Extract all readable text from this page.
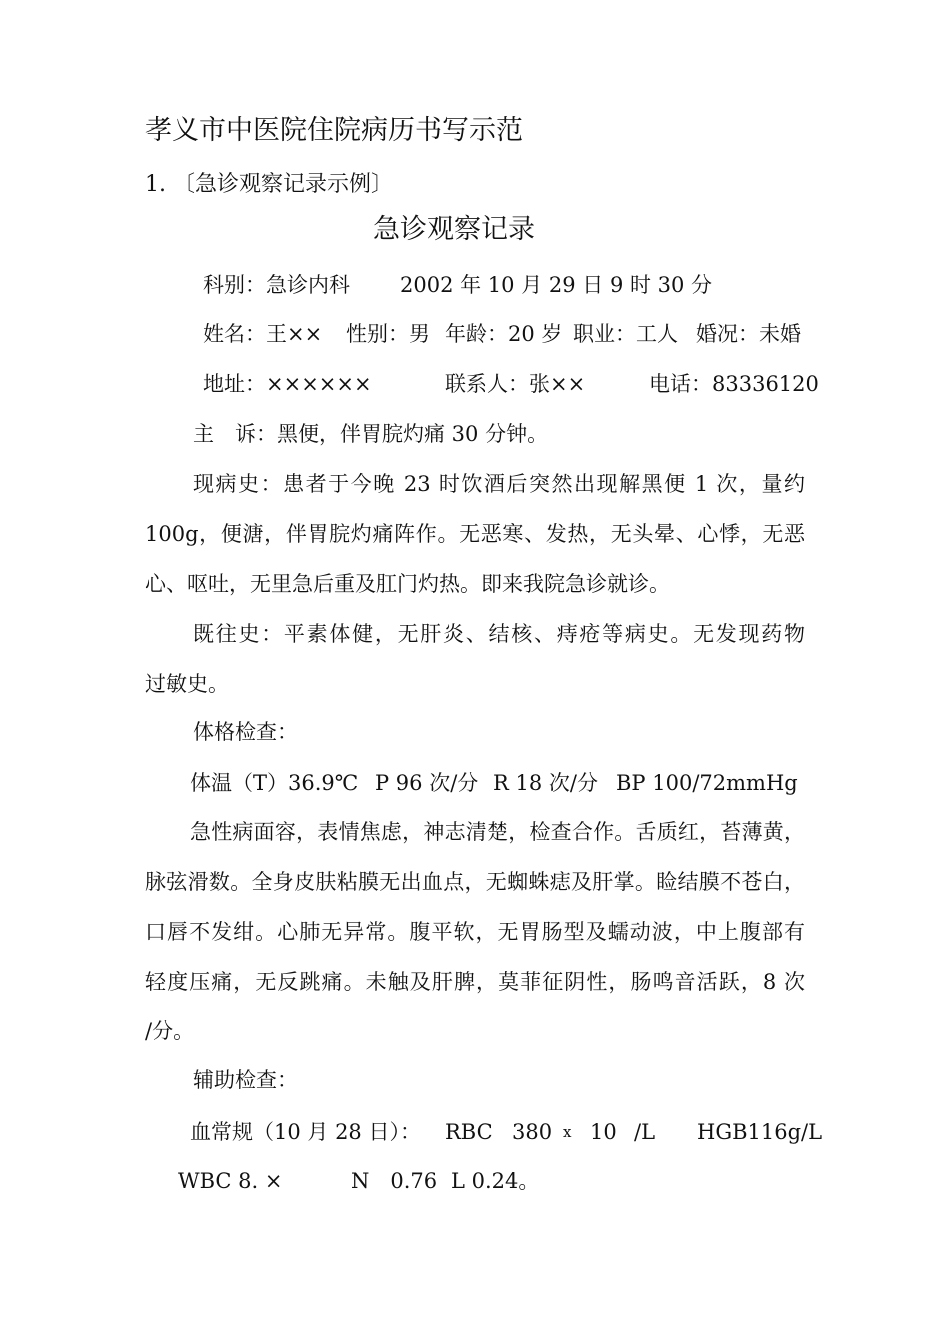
孝义市中医院住院病历书写示范
1. 〔急诊观察记录示例〕
急诊观察记录
科别：急诊内科 2002 年 10 月 29 日 9 时 30 分
姓名：王×× 性别：男 年龄：20 岁 职业：工人 婚况：未婚
地址：××××××	联系人：张××	电话：83336120
主　诉：黑便，伴胃脘灼痛 30 分钟。
现病史：患者于今晚 23 时饮酒后突然出现解黑便 1 次，量约
100g，便溏，伴胃脘灼痛阵作。无恶寒、发热，无头晕、心悸，无恶
心、呕吐，无里急后重及肛门灼热。即来我院急诊就诊。
既往史：平素体健，无肝炎、结核、痔疮等病史。无发现药物
过敏史。
体格检查：
体温（T）36.9℃ P 96 次/分 R 18 次/分 BP 100/72mmHg
急性病面容，表情焦虑，神志清楚，检查合作。舌质红，苔薄黄，
脉弦滑数。全身皮肤粘膜无出血点，无蜘蛛痣及肝掌。睑结膜不苍白，
口唇不发绀。心肺无异常。腹平软，无胃肠型及蠕动波，中上腹部有
轻度压痛，无反跳痛。未触及肝脾，莫菲征阴性，肠鸣音活跃，8 次
/分。
辅助检查：
血常规（10 月 28 日）： RBC 380 x 10 /L HGB116g/L
WBC 8. ×	N　0.76 L 0.24。
